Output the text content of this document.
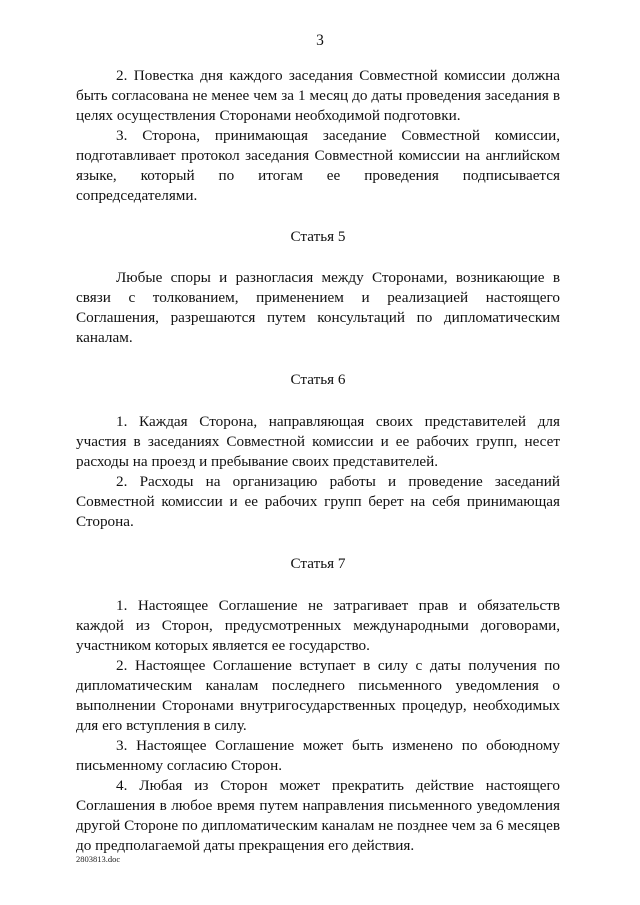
3

2. Повестка дня каждого заседания Совместной комиссии должна быть согласована не менее чем за 1 месяц до даты проведения заседания в целях осуществления Сторонами необходимой подготовки.

3. Сторона, принимающая заседание Совместной комиссии, подготавливает протокол заседания Совместной комиссии на английском языке, который по итогам ее проведения подписывается сопредседателями.

Статья 5

Любые споры и разногласия между Сторонами, возникающие в связи с толкованием, применением и реализацией настоящего Соглашения, разрешаются путем консультаций по дипломатическим каналам.

Статья 6

1. Каждая Сторона, направляющая своих представителей для участия в заседаниях Совместной комиссии и ее рабочих групп, несет расходы на проезд и пребывание своих представителей.

2. Расходы на организацию работы и проведение заседаний Совместной комиссии и ее рабочих групп берет на себя принимающая Сторона.

Статья 7

1. Настоящее Соглашение не затрагивает прав и обязательств каждой из Сторон, предусмотренных международными договорами, участником которых является ее государство.

2. Настоящее Соглашение вступает в силу с даты получения по дипломатическим каналам последнего письменного уведомления о выполнении Сторонами внутригосударственных процедур, необходимых для его вступления в силу.

3. Настоящее Соглашение может быть изменено по обоюдному письменному согласию Сторон.

4. Любая из Сторон может прекратить действие настоящего Соглашения в любое время путем направления письменного уведомления другой Стороне по дипломатическим каналам не позднее чем за 6 месяцев до предполагаемой даты прекращения его действия.

2803813.doc
